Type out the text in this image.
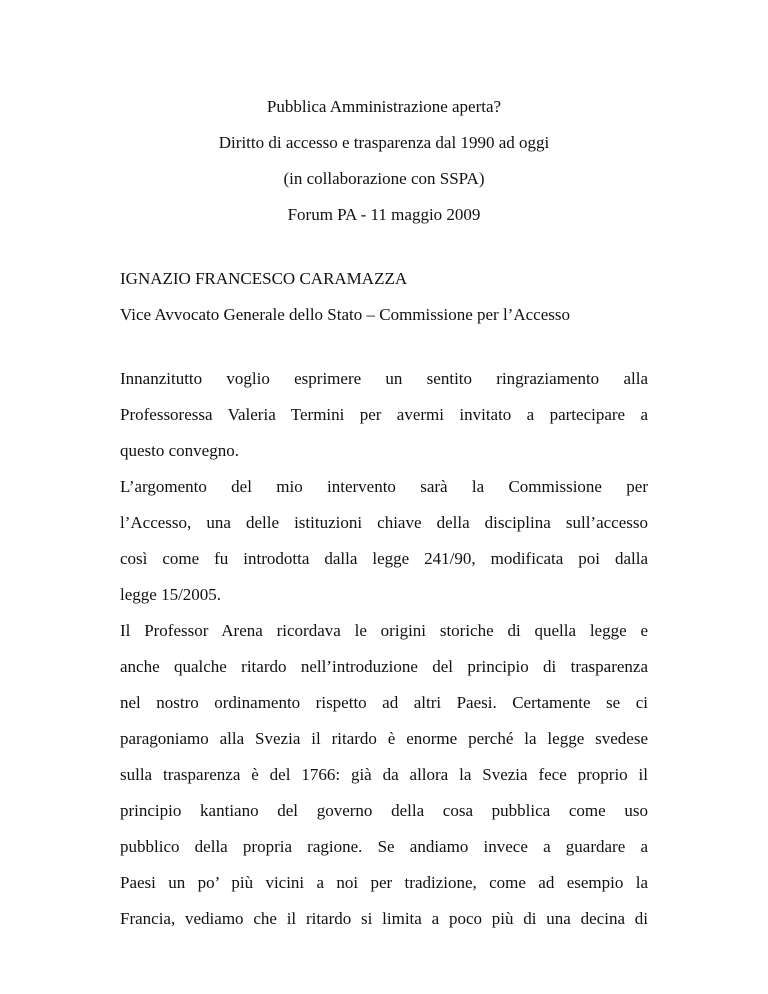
Pubblica Amministrazione aperta?
Diritto di accesso e trasparenza dal 1990 ad oggi
(in collaborazione con SSPA)
Forum PA - 11 maggio 2009
IGNAZIO FRANCESCO CARAMAZZA
Vice Avvocato Generale dello Stato – Commissione per l’Accesso
Innanzitutto voglio esprimere un sentito ringraziamento alla
Professoressa Valeria Termini per avermi invitato a partecipare a
questo convegno.
L’argomento del mio intervento sarà la Commissione per
l’Accesso, una delle istituzioni chiave della disciplina sull’accesso
così come fu introdotta dalla legge 241/90, modificata poi dalla
legge 15/2005.
Il Professor Arena ricordava le origini storiche di quella legge e
anche qualche ritardo nell’introduzione del principio di trasparenza
nel nostro ordinamento rispetto ad altri Paesi. Certamente se ci
paragoniamo alla Svezia il ritardo è enorme perché la legge svedese
sulla trasparenza è del 1766: già da allora la Svezia fece proprio il
principio kantiano del governo della cosa pubblica come uso
pubblico della propria ragione. Se andiamo invece a guardare a
Paesi un po’ più vicini a noi per tradizione, come ad esempio la
Francia, vediamo che il ritardo si limita a poco più di una decina di
